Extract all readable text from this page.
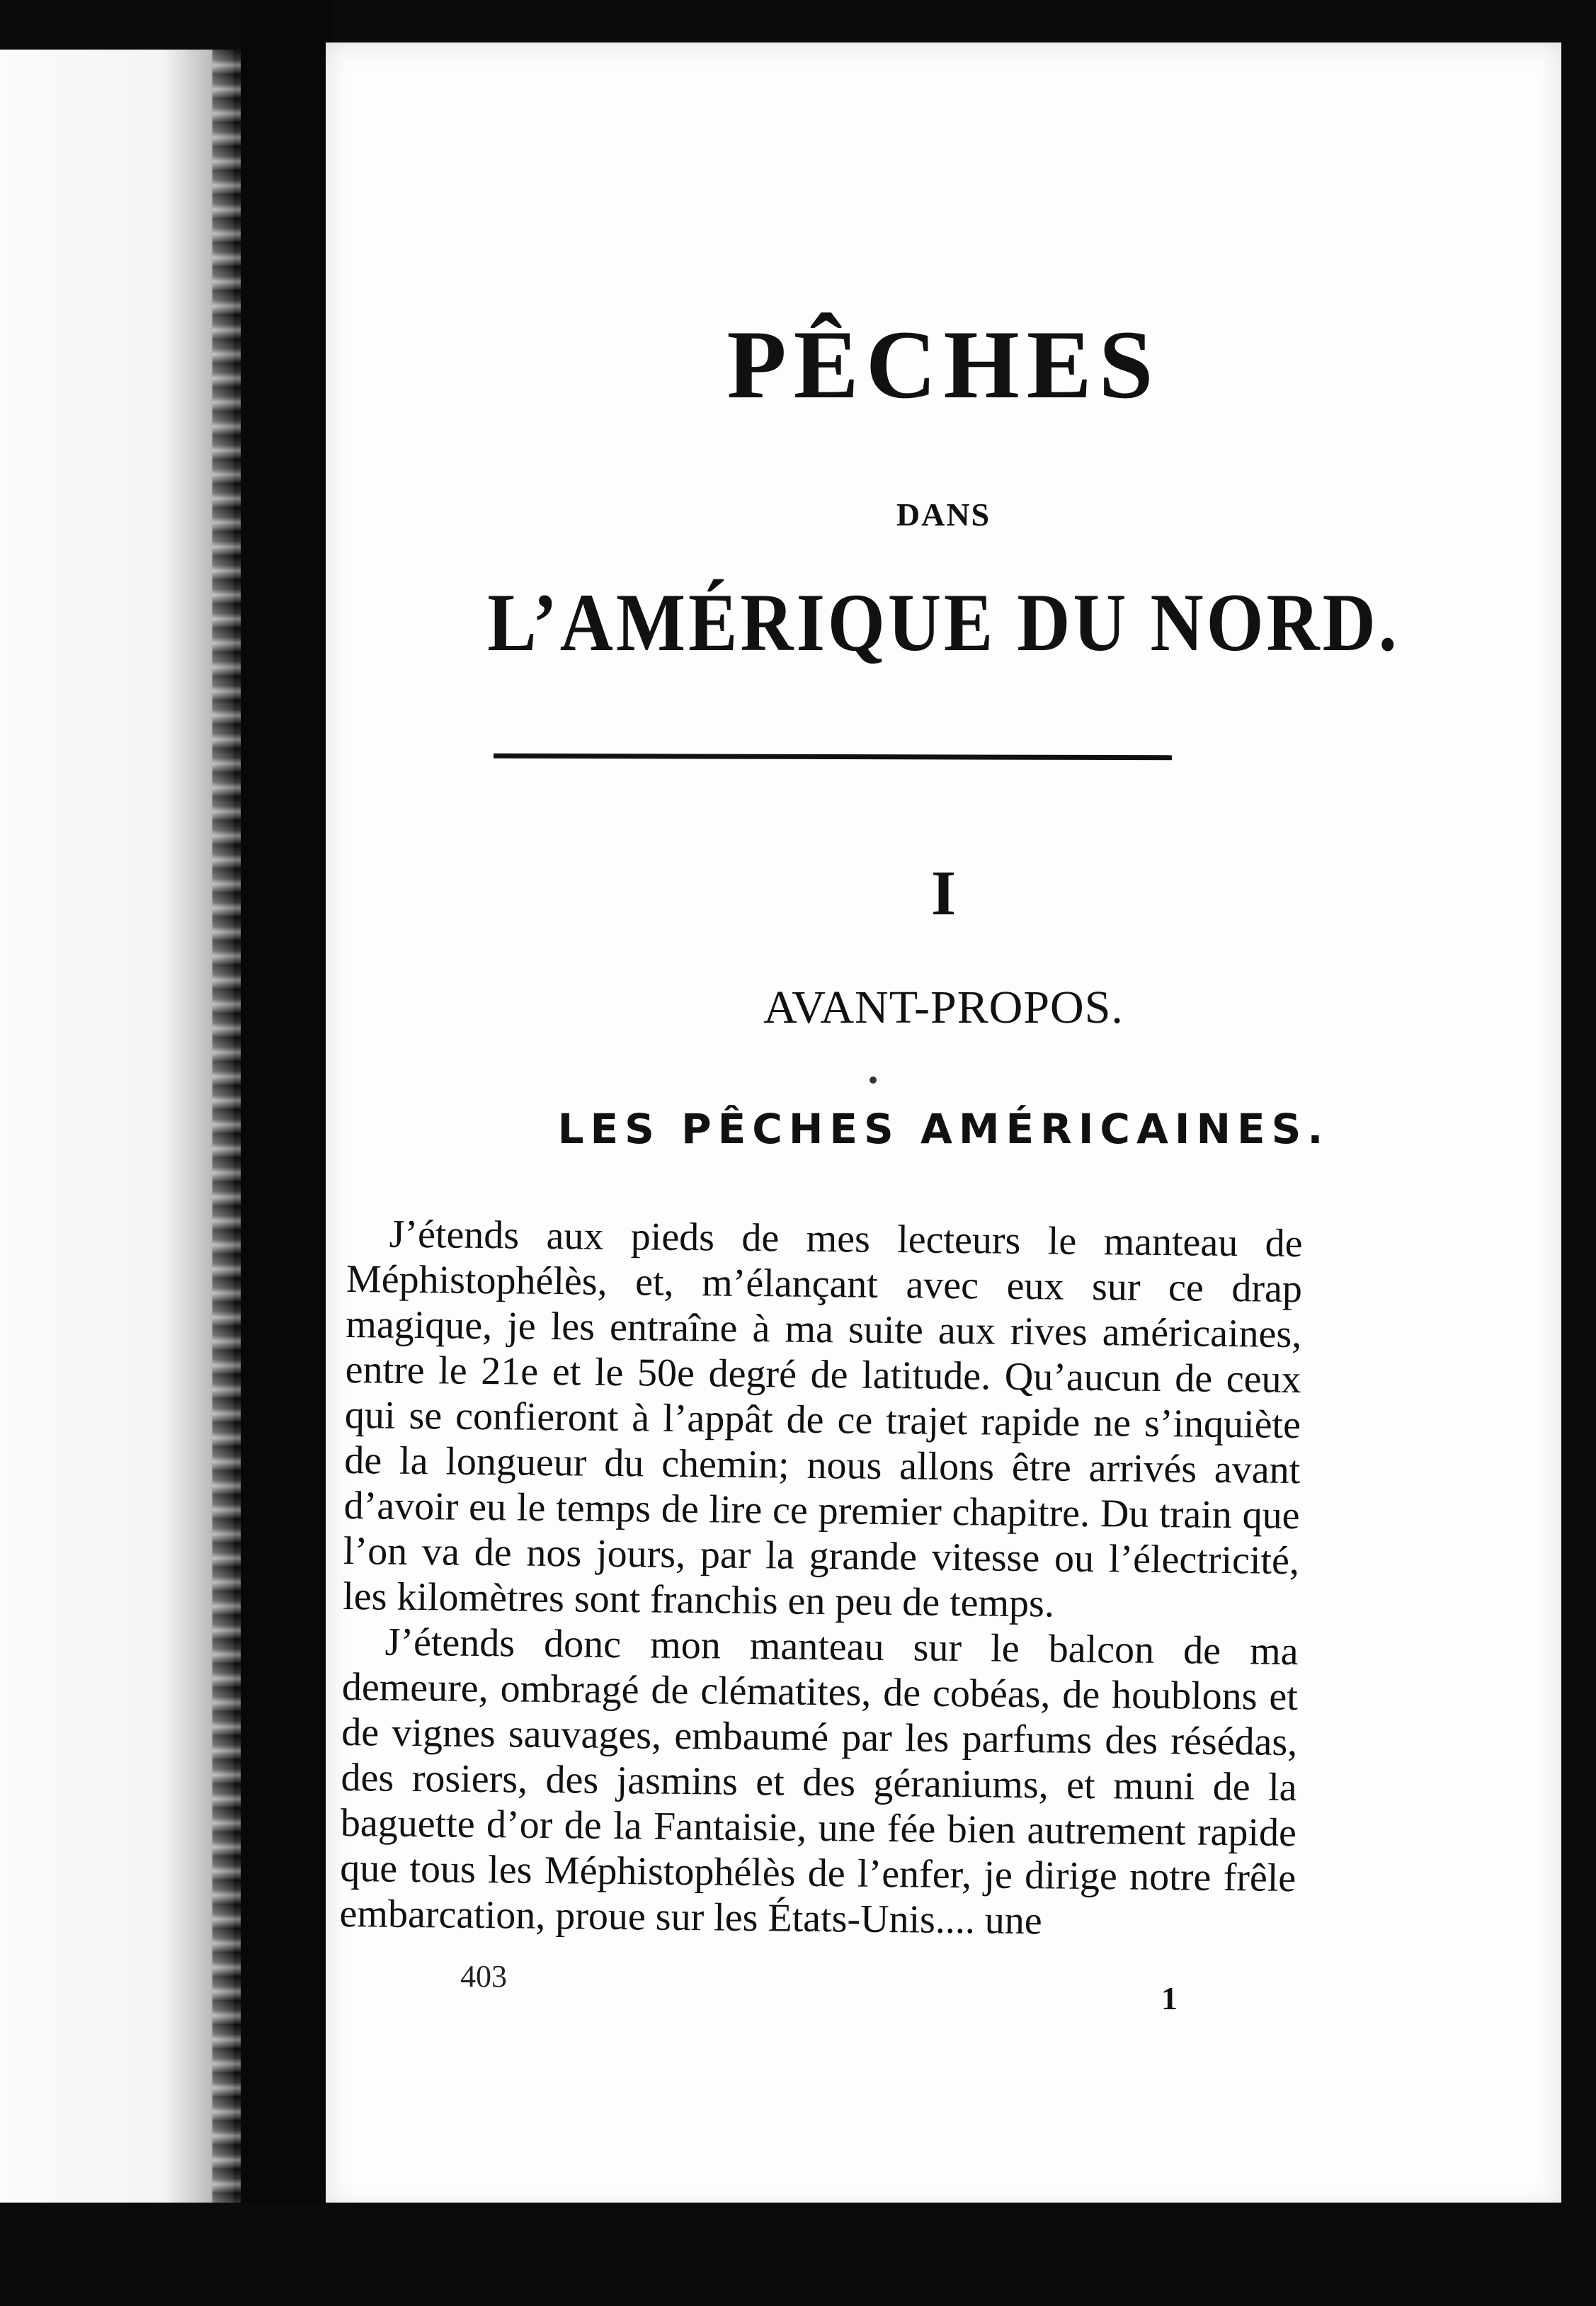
PÊCHES
DANS
L’AMÉRIQUE DU NORD.
I
AVANT-PROPOS.
LES PÊCHES AMÉRICAINES.

J’étends aux pieds de mes lecteurs le manteau de Méphistophélès, et, m’élançant avec eux sur ce drap magique, je les entraîne à ma suite aux rives américaines, entre le 21e et le 50e degré de latitude. Qu’aucun de ceux qui se confieront à l’appât de ce trajet rapide ne s’inquiète de la longueur du chemin; nous allons être arrivés avant d’avoir eu le temps de lire ce premier chapitre. Du train que l’on va de nos jours, par la grande vitesse ou l’électricité, les kilomètres sont franchis en peu de temps.

J’étends donc mon manteau sur le balcon de ma demeure, ombragé de clématites, de cobéas, de houblons et de vignes sauvages, embaumé par les parfums des résédas, des rosiers, des jasmins et des géraniums, et muni de la baguette d’or de la Fantaisie, une fée bien autrement rapide que tous les Méphistophélès de l’enfer, je dirige notre frêle embarcation, proue sur les États-Unis.... une

403
1
